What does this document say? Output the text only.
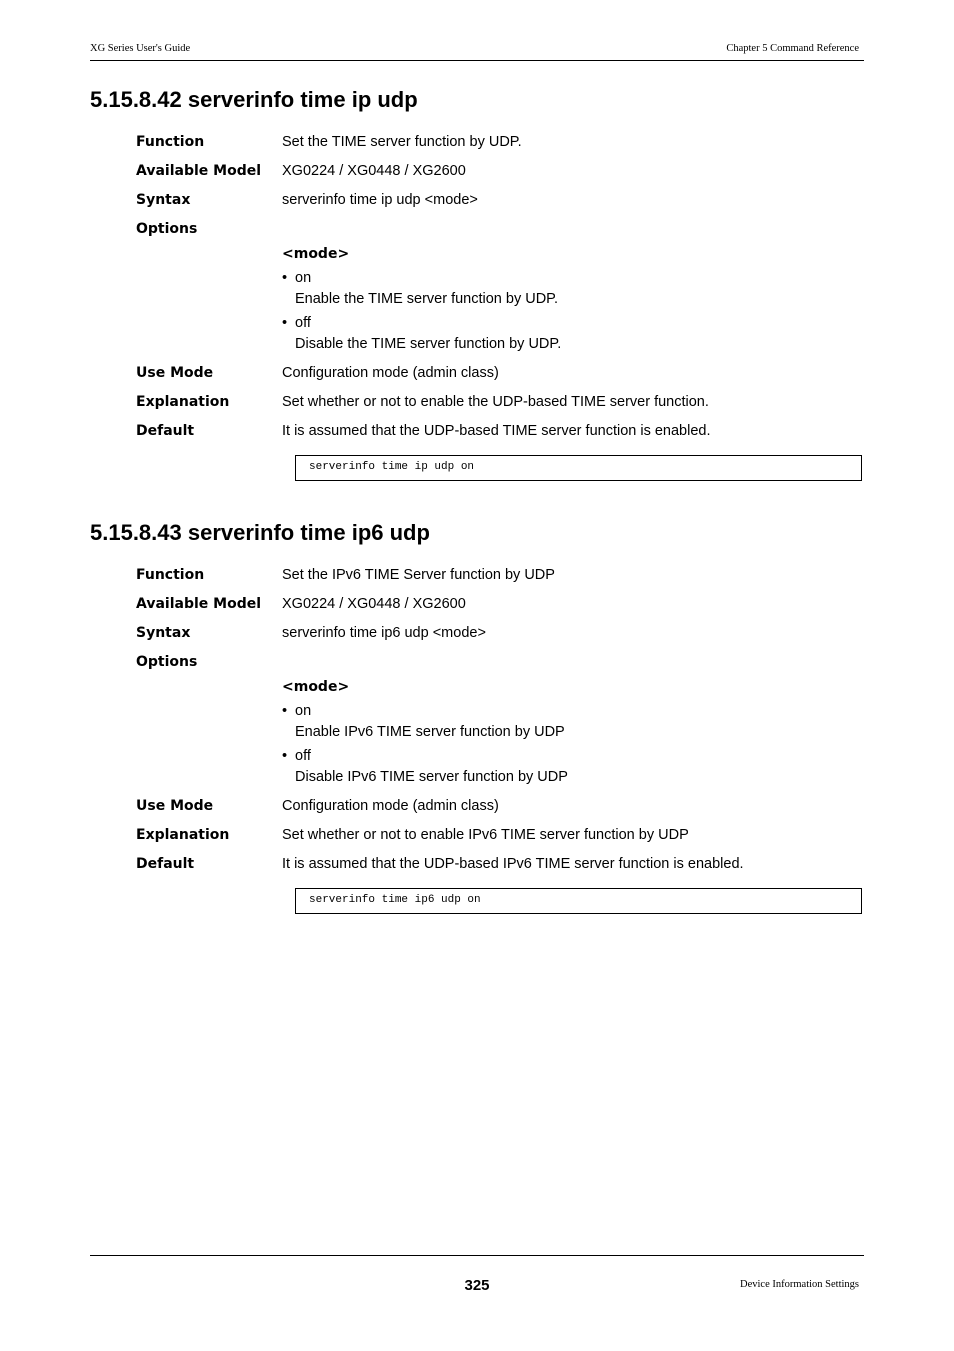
XG Series User's Guide	Chapter 5 Command Reference
5.15.8.42 serverinfo time ip udp
Function	Set the TIME server function by UDP.
Available Model XG0224 / XG0448 / XG2600
Syntax	serverinfo time ip udp <mode>
Options
<mode>
• on
Enable the TIME server function by UDP.
• off
Disable the TIME server function by UDP.
Use Mode	Configuration mode (admin class)
Explanation	Set whether or not to enable the UDP-based TIME server function.
Default	It is assumed that the UDP-based TIME server function is enabled.
serverinfo time ip udp on
5.15.8.43 serverinfo time ip6 udp
Function	Set the IPv6 TIME Server function by UDP
Available Model XG0224 / XG0448 / XG2600
Syntax	serverinfo time ip6 udp <mode>
Options
<mode>
• on
Enable IPv6 TIME server function by UDP
• off
Disable IPv6 TIME server function by UDP
Use Mode	Configuration mode (admin class)
Explanation	Set whether or not to enable IPv6 TIME server function by UDP
Default	It is assumed that the UDP-based IPv6 TIME server function is enabled.
serverinfo time ip6 udp on
325	Device Information Settings
